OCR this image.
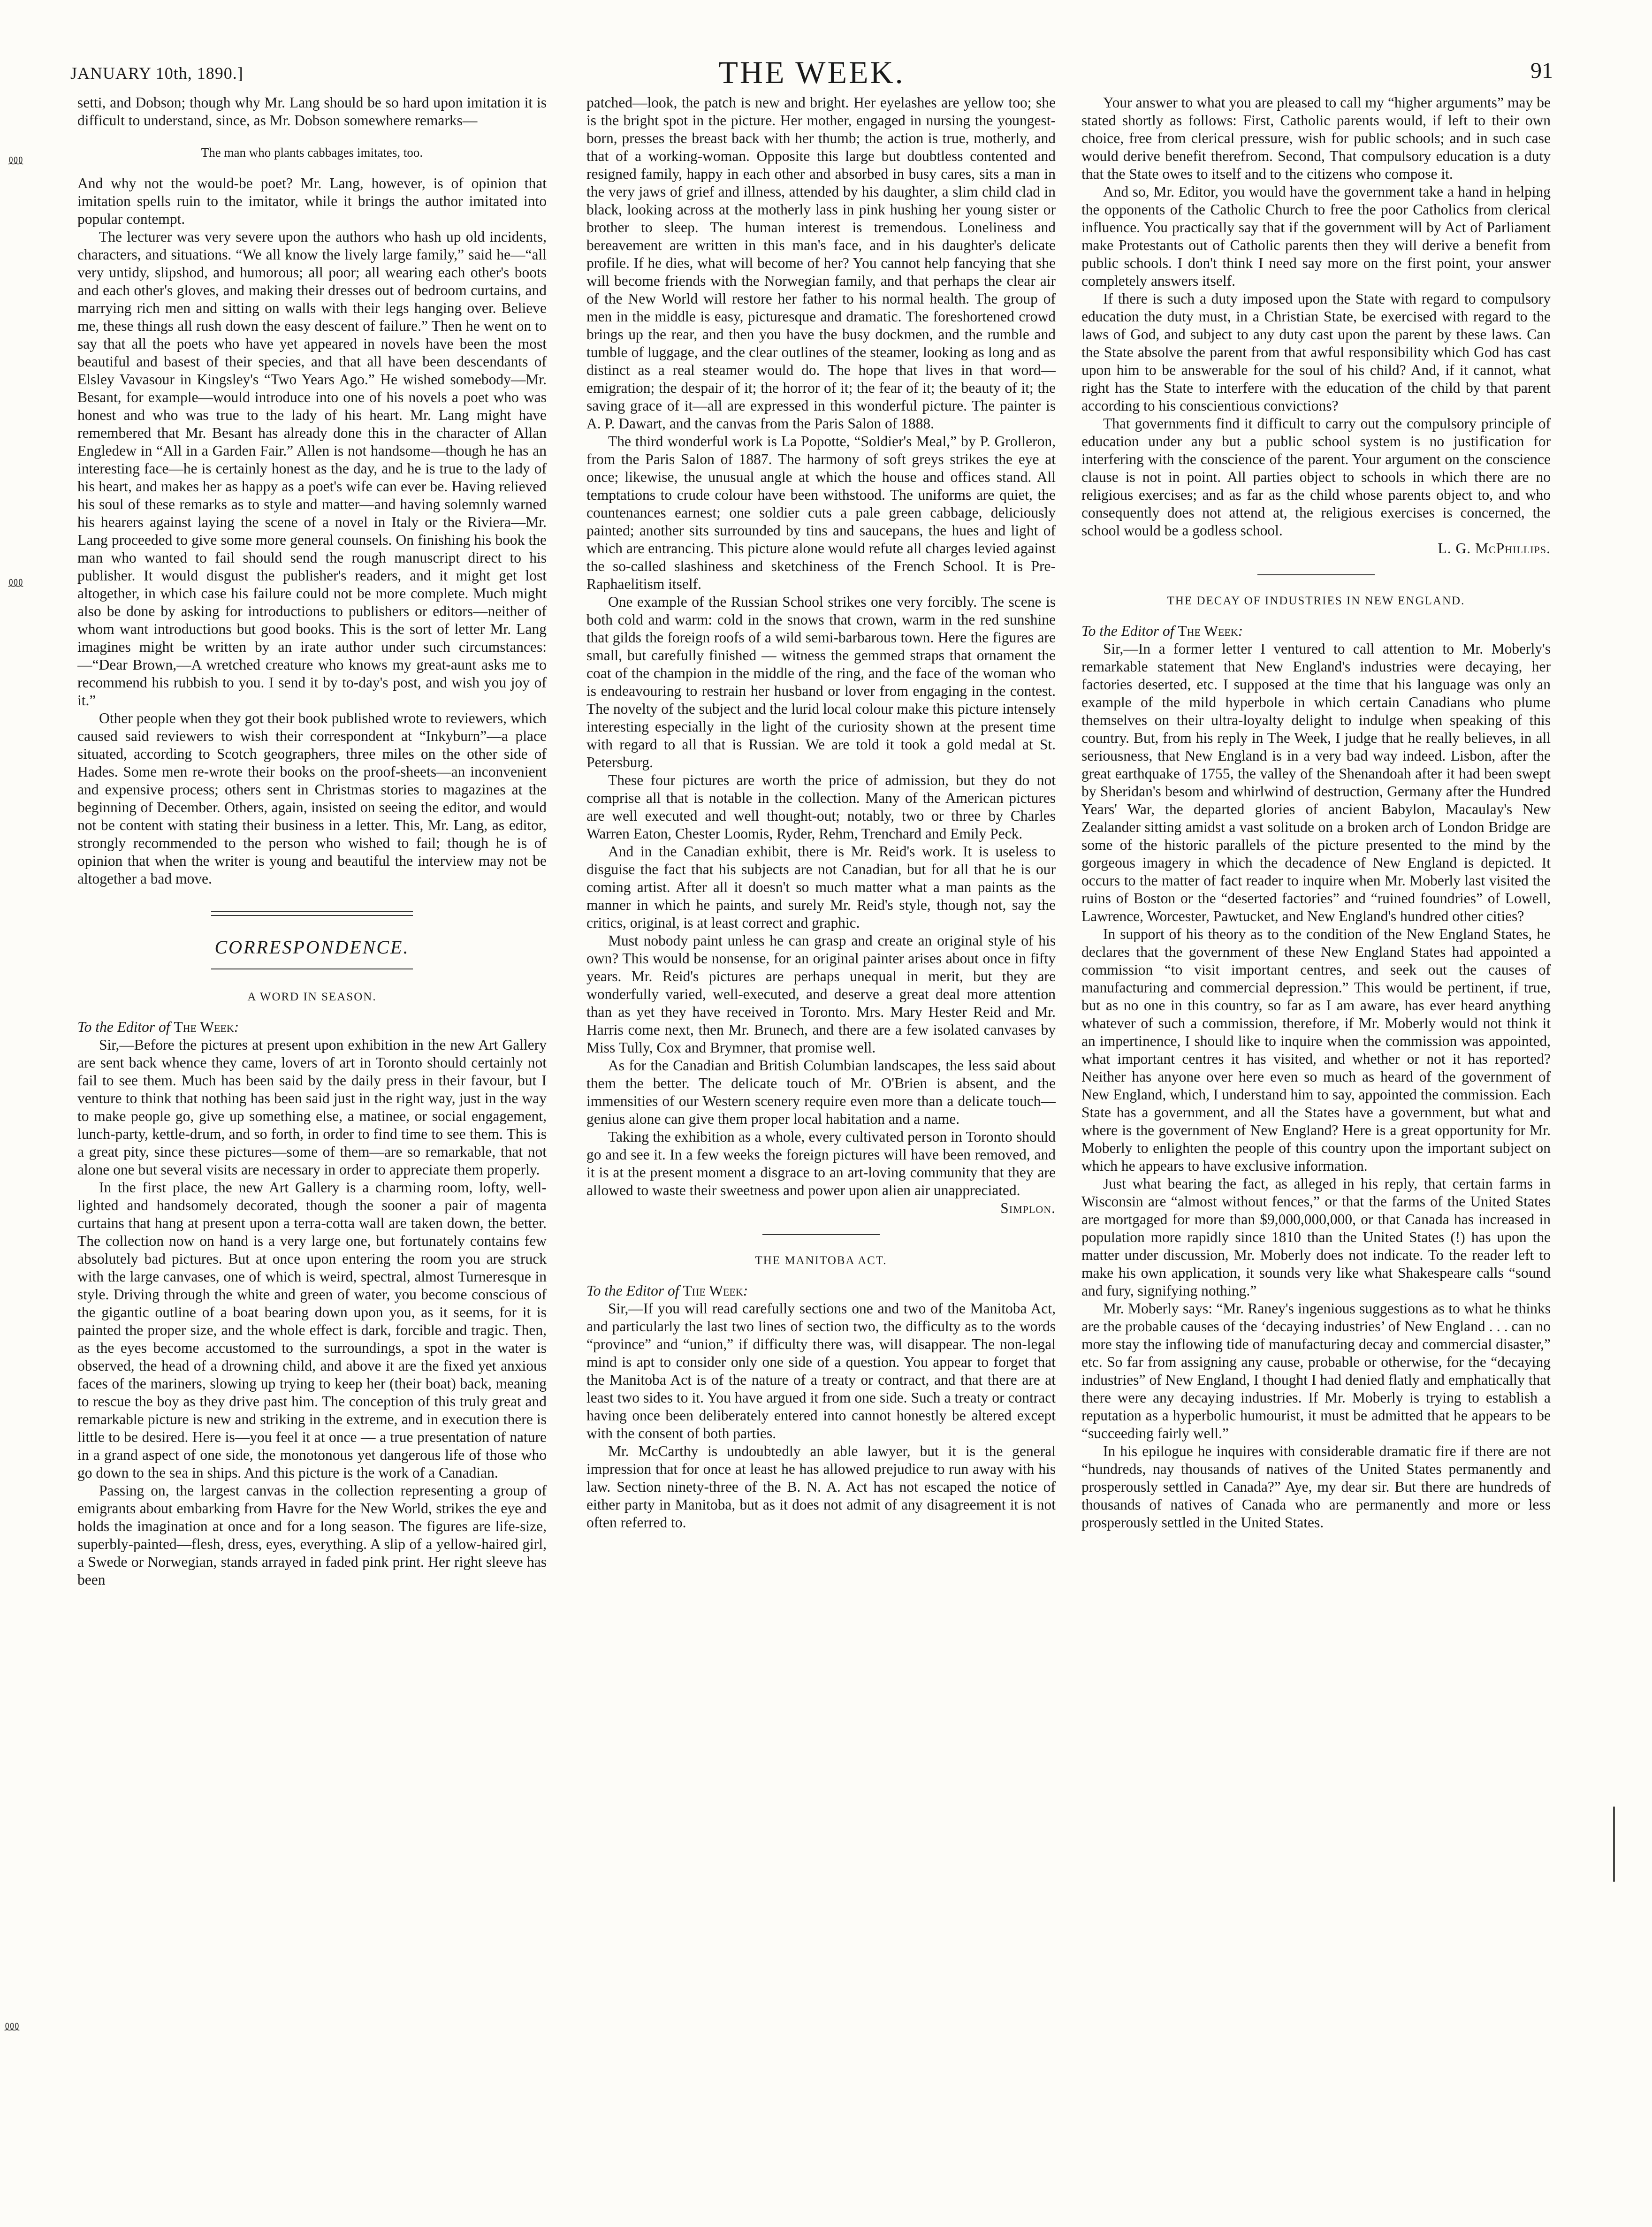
JANUARY 10th, 1890.]	THE WEEK.	91
⅏
⅏
⅏

setti, and Dobson; though why Mr. Lang should be so hard upon imitation it is difficult to understand, since, as Mr. Dobson somewhere remarks—

The man who plants cabbages imitates, too.

And why not the would-be poet? Mr. Lang, however, is of opinion that imitation spells ruin to the imitator, while it brings the author imitated into popular contempt.

The lecturer was very severe upon the authors who hash up old incidents, characters, and situations. “We all know the lively large family,” said he—“all very untidy, slipshod, and humorous; all poor; all wearing each other's boots and each other's gloves, and making their dresses out of bedroom curtains, and marrying rich men and sitting on walls with their legs hanging over. Believe me, these things all rush down the easy descent of failure.” Then he went on to say that all the poets who have yet appeared in novels have been the most beautiful and basest of their species, and that all have been descendants of Elsley Vavasour in Kingsley's “Two Years Ago.” He wished somebody—Mr. Besant, for example—would introduce into one of his novels a poet who was honest and who was true to the lady of his heart. Mr. Lang might have remembered that Mr. Besant has already done this in the character of Allan Engledew in “All in a Garden Fair.” Allen is not handsome—though he has an interesting face—he is certainly honest as the day, and he is true to the lady of his heart, and makes her as happy as a poet's wife can ever be. Having relieved his soul of these remarks as to style and matter—and having solemnly warned his hearers against laying the scene of a novel in Italy or the Riviera—Mr. Lang proceeded to give some more general counsels. On finishing his book the man who wanted to fail should send the rough manuscript direct to his publisher. It would disgust the publisher's readers, and it might get lost altogether, in which case his failure could not be more complete. Much might also be done by asking for introductions to publishers or editors—neither of whom want introductions but good books. This is the sort of letter Mr. Lang imagines might be written by an irate author under such circumstances:—“Dear Brown,—A wretched creature who knows my great-aunt asks me to recommend his rubbish to you. I send it by to-day's post, and wish you joy of it.”

Other people when they got their book published wrote to reviewers, which caused said reviewers to wish their correspondent at “Inkyburn”—a place situated, according to Scotch geographers, three miles on the other side of Hades. Some men re-wrote their books on the proof-sheets—an inconvenient and expensive process; others sent in Christmas stories to magazines at the beginning of December. Others, again, insisted on seeing the editor, and would not be content with stating their business in a letter. This, Mr. Lang, as editor, strongly recommended to the person who wished to fail; though he is of opinion that when the writer is young and beautiful the interview may not be altogether a bad move.

CORRESPONDENCE.
A WORD IN SEASON.

To the Editor of The Week:

Sir,—Before the pictures at present upon exhibition in the new Art Gallery are sent back whence they came, lovers of art in Toronto should certainly not fail to see them. Much has been said by the daily press in their favour, but I venture to think that nothing has been said just in the right way, just in the way to make people go, give up something else, a matinee, or social engagement, lunch-party, kettle-drum, and so forth, in order to find time to see them. This is a great pity, since these pictures—some of them—are so remarkable, that not alone one but several visits are necessary in order to appreciate them properly.

In the first place, the new Art Gallery is a charming room, lofty, well-lighted and handsomely decorated, though the sooner a pair of magenta curtains that hang at present upon a terra-cotta wall are taken down, the better. The collection now on hand is a very large one, but fortunately contains few absolutely bad pictures. But at once upon entering the room you are struck with the large canvases, one of which is weird, spectral, almost Turneresque in style. Driving through the white and green of water, you become conscious of the gigantic outline of a boat bearing down upon you, as it seems, for it is painted the proper size, and the whole effect is dark, forcible and tragic. Then, as the eyes become accustomed to the surroundings, a spot in the water is observed, the head of a drowning child, and above it are the fixed yet anxious faces of the mariners, slowing up trying to keep her (their boat) back, meaning to rescue the boy as they drive past him. The conception of this truly great and remarkable picture is new and striking in the extreme, and in execution there is little to be desired. Here is—you feel it at once — a true presentation of nature in a grand aspect of one side, the monotonous yet dangerous life of those who go down to the sea in ships. And this picture is the work of a Canadian.

Passing on, the largest canvas in the collection representing a group of emigrants about embarking from Havre for the New World, strikes the eye and holds the imagination at once and for a long season. The figures are life-size, superbly-painted—flesh, dress, eyes, everything. A slip of a yellow-haired girl, a Swede or Norwegian, stands arrayed in faded pink print. Her right sleeve has been

patched—look, the patch is new and bright. Her eyelashes are yellow too; she is the bright spot in the picture. Her mother, engaged in nursing the youngest-born, presses the breast back with her thumb; the action is true, motherly, and that of a working-woman. Opposite this large but doubtless contented and resigned family, happy in each other and absorbed in busy cares, sits a man in the very jaws of grief and illness, attended by his daughter, a slim child clad in black, looking across at the motherly lass in pink hushing her young sister or brother to sleep. The human interest is tremendous. Loneliness and bereavement are written in this man's face, and in his daughter's delicate profile. If he dies, what will become of her? You cannot help fancying that she will become friends with the Norwegian family, and that perhaps the clear air of the New World will restore her father to his normal health. The group of men in the middle is easy, picturesque and dramatic. The foreshortened crowd brings up the rear, and then you have the busy dockmen, and the rumble and tumble of luggage, and the clear outlines of the steamer, looking as long and as distinct as a real steamer would do. The hope that lives in that word—emigration; the despair of it; the horror of it; the fear of it; the beauty of it; the saving grace of it—all are expressed in this wonderful picture. The painter is A. P. Dawart, and the canvas from the Paris Salon of 1888.

The third wonderful work is La Popotte, “Soldier's Meal,” by P. Grolleron, from the Paris Salon of 1887. The harmony of soft greys strikes the eye at once; likewise, the unusual angle at which the house and offices stand. All temptations to crude colour have been withstood. The uniforms are quiet, the countenances earnest; one soldier cuts a pale green cabbage, deliciously painted; another sits surrounded by tins and saucepans, the hues and light of which are entrancing. This picture alone would refute all charges levied against the so-called slashiness and sketchiness of the French School. It is Pre-Raphaelitism itself.

One example of the Russian School strikes one very forcibly. The scene is both cold and warm: cold in the snows that crown, warm in the red sunshine that gilds the foreign roofs of a wild semi-barbarous town. Here the figures are small, but carefully finished — witness the gemmed straps that ornament the coat of the champion in the middle of the ring, and the face of the woman who is endeavouring to restrain her husband or lover from engaging in the contest. The novelty of the subject and the lurid local colour make this picture intensely interesting especially in the light of the curiosity shown at the present time with regard to all that is Russian. We are told it took a gold medal at St. Petersburg.

These four pictures are worth the price of admission, but they do not comprise all that is notable in the collection. Many of the American pictures are well executed and well thought-out; notably, two or three by Charles Warren Eaton, Chester Loomis, Ryder, Rehm, Trenchard and Emily Peck.

And in the Canadian exhibit, there is Mr. Reid's work. It is useless to disguise the fact that his subjects are not Canadian, but for all that he is our coming artist. After all it doesn't so much matter what a man paints as the manner in which he paints, and surely Mr. Reid's style, though not, say the critics, original, is at least correct and graphic.

Must nobody paint unless he can grasp and create an original style of his own? This would be nonsense, for an original painter arises about once in fifty years. Mr. Reid's pictures are perhaps unequal in merit, but they are wonderfully varied, well-executed, and deserve a great deal more attention than as yet they have received in Toronto. Mrs. Mary Hester Reid and Mr. Harris come next, then Mr. Brunech, and there are a few isolated canvases by Miss Tully, Cox and Brymner, that promise well.

As for the Canadian and British Columbian landscapes, the less said about them the better. The delicate touch of Mr. O'Brien is absent, and the immensities of our Western scenery require even more than a delicate touch—genius alone can give them proper local habitation and a name.

Taking the exhibition as a whole, every cultivated person in Toronto should go and see it. In a few weeks the foreign pictures will have been removed, and it is at the present moment a disgrace to an art-loving community that they are allowed to waste their sweetness and power upon alien air unappreciated.

Simplon.

THE MANITOBA ACT.

To the Editor of The Week:

Sir,—If you will read carefully sections one and two of the Manitoba Act, and particularly the last two lines of section two, the difficulty as to the words “province” and “union,” if difficulty there was, will disappear. The non-legal mind is apt to consider only one side of a question. You appear to forget that the Manitoba Act is of the nature of a treaty or contract, and that there are at least two sides to it. You have argued it from one side. Such a treaty or contract having once been deliberately entered into cannot honestly be altered except with the consent of both parties.

Mr. McCarthy is undoubtedly an able lawyer, but it is the general impression that for once at least he has allowed prejudice to run away with his law. Section ninety-three of the B. N. A. Act has not escaped the notice of either party in Manitoba, but as it does not admit of any disagreement it is not often referred to.

Your answer to what you are pleased to call my “higher arguments” may be stated shortly as follows: First, Catholic parents would, if left to their own choice, free from clerical pressure, wish for public schools; and in such case would derive benefit therefrom. Second, That compulsory education is a duty that the State owes to itself and to the citizens who compose it.

And so, Mr. Editor, you would have the government take a hand in helping the opponents of the Catholic Church to free the poor Catholics from clerical influence. You practically say that if the government will by Act of Parliament make Protestants out of Catholic parents then they will derive a benefit from public schools. I don't think I need say more on the first point, your answer completely answers itself.

If there is such a duty imposed upon the State with regard to compulsory education the duty must, in a Christian State, be exercised with regard to the laws of God, and subject to any duty cast upon the parent by these laws. Can the State absolve the parent from that awful responsibility which God has cast upon him to be answerable for the soul of his child? And, if it cannot, what right has the State to interfere with the education of the child by that parent according to his conscientious convictions?

That governments find it difficult to carry out the compulsory principle of education under any but a public school system is no justification for interfering with the conscience of the parent. Your argument on the conscience clause is not in point. All parties object to schools in which there are no religious exercises; and as far as the child whose parents object to, and who consequently does not attend at, the religious exercises is concerned, the school would be a godless school.

L. G. McPhillips.

THE DECAY OF INDUSTRIES IN NEW ENGLAND.

To the Editor of The Week:

Sir,—In a former letter I ventured to call attention to Mr. Moberly's remarkable statement that New England's industries were decaying, her factories deserted, etc. I supposed at the time that his language was only an example of the mild hyperbole in which certain Canadians who plume themselves on their ultra-loyalty delight to indulge when speaking of this country. But, from his reply in The Week, I judge that he really believes, in all seriousness, that New England is in a very bad way indeed. Lisbon, after the great earthquake of 1755, the valley of the Shenandoah after it had been swept by Sheridan's besom and whirlwind of destruction, Germany after the Hundred Years' War, the departed glories of ancient Babylon, Macaulay's New Zealander sitting amidst a vast solitude on a broken arch of London Bridge are some of the historic parallels of the picture presented to the mind by the gorgeous imagery in which the decadence of New England is depicted. It occurs to the matter of fact reader to inquire when Mr. Moberly last visited the ruins of Boston or the “deserted factories” and “ruined foundries” of Lowell, Lawrence, Worcester, Pawtucket, and New England's hundred other cities?

In support of his theory as to the condition of the New England States, he declares that the government of these New England States had appointed a commission “to visit important centres, and seek out the causes of manufacturing and commercial depression.” This would be pertinent, if true, but as no one in this country, so far as I am aware, has ever heard anything whatever of such a commission, therefore, if Mr. Moberly would not think it an impertinence, I should like to inquire when the commission was appointed, what important centres it has visited, and whether or not it has reported? Neither has anyone over here even so much as heard of the government of New England, which, I understand him to say, appointed the commission. Each State has a government, and all the States have a government, but what and where is the government of New England? Here is a great opportunity for Mr. Moberly to enlighten the people of this country upon the important subject on which he appears to have exclusive information.

Just what bearing the fact, as alleged in his reply, that certain farms in Wisconsin are “almost without fences,” or that the farms of the United States are mortgaged for more than $9,000,000,000, or that Canada has increased in population more rapidly since 1810 than the United States (!) has upon the matter under discussion, Mr. Moberly does not indicate. To the reader left to make his own application, it sounds very like what Shakespeare calls “sound and fury, signifying nothing.”

Mr. Moberly says: “Mr. Raney's ingenious suggestions as to what he thinks are the probable causes of the ‘decaying industries’ of New England . . . can no more stay the inflowing tide of manufacturing decay and commercial disaster,” etc. So far from assigning any cause, probable or otherwise, for the “decaying industries” of New England, I thought I had denied flatly and emphatically that there were any decaying industries. If Mr. Moberly is trying to establish a reputation as a hyperbolic humourist, it must be admitted that he appears to be “succeeding fairly well.”

In his epilogue he inquires with considerable dramatic fire if there are not “hundreds, nay thousands of natives of the United States permanently and prosperously settled in Canada?” Aye, my dear sir. But there are hundreds of thousands of natives of Canada who are permanently and more or less prosperously settled in the United States.
